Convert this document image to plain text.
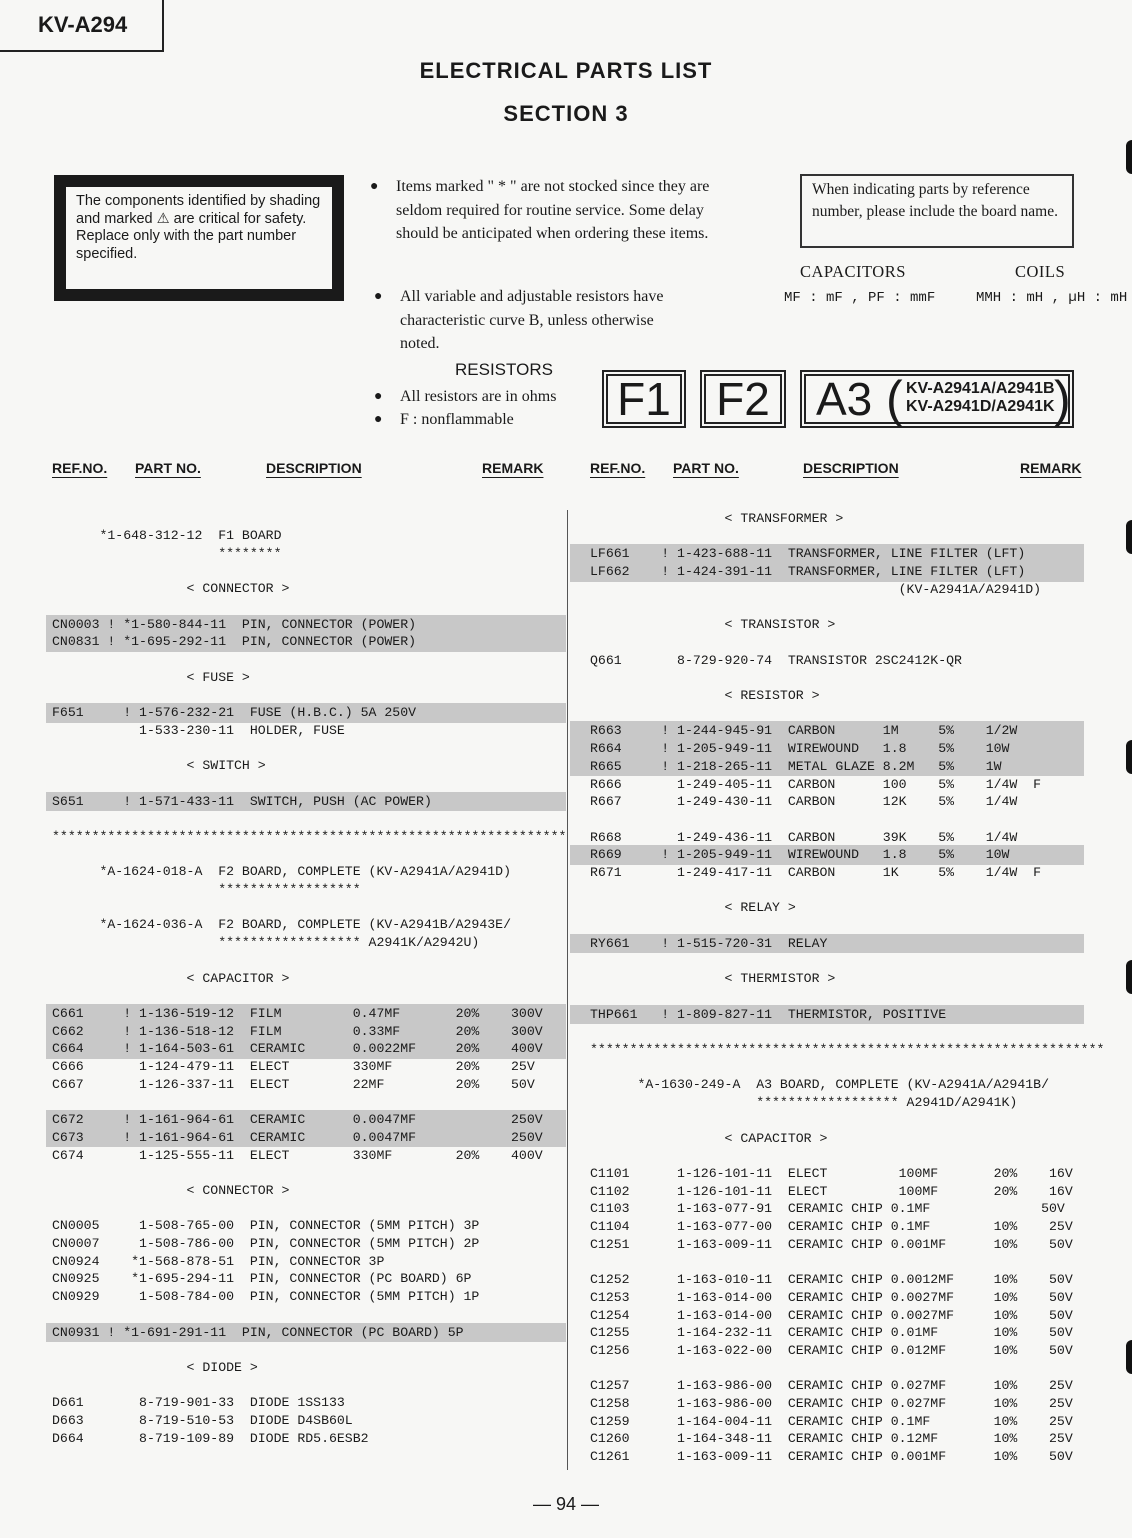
KV-A294
ELECTRICAL PARTS LIST
SECTION 3
The components identified by shading and marked ⚠ are critical for safety. Replace only with the part number specified.
● Items marked " * " are not stocked since they are seldom required for routine service. Some delay should be anticipated when ordering these items.
● All variable and adjustable resistors have characteristic curve B, unless otherwise noted.
RESISTORS
● All resistors are in ohms
● F : nonflammable
When indicating parts by reference number, please include the board name.
CAPACITORS
MF : mF , PF : mmF
COILS
MMH : mH , µH : mH
F1 F2	A3 ( KV-A2941A/A2941B
KV-A2941D/A2941K )
REF.NO. PART NO.	DESCRIPTION	REMARK	REF.NO. PART NO.	DESCRIPTION	REMARK
*1-648-312-12  F1 BOARD
********
< CONNECTOR >
CN0003 ! *1-580-844-11  PIN, CONNECTOR (POWER)
CN0831 ! *1-695-292-11  PIN, CONNECTOR (POWER)
< FUSE >
F651     ! 1-576-232-21  FUSE (H.B.C.) 5A 250V
1-533-230-11  HOLDER, FUSE
< SWITCH >
S651     ! 1-571-433-11  SWITCH, PUSH (AC POWER)
*****************************************************************
*A-1624-018-A  F2 BOARD, COMPLETE (KV-A2941A/A2941D)
******************
*A-1624-036-A  F2 BOARD, COMPLETE (KV-A2941B/A2943E/
****************** A2941K/A2942U)
< CAPACITOR >
C661     ! 1-136-519-12  FILM         0.47MF       20%    300V
C662     ! 1-136-518-12  FILM         0.33MF       20%    300V
C664     ! 1-164-503-61  CERAMIC      0.0022MF     20%    400V
C666       1-124-479-11  ELECT        330MF        20%    25V
C667       1-126-337-11  ELECT        22MF         20%    50V
C672     ! 1-161-964-61  CERAMIC      0.0047MF            250V
C673     ! 1-161-964-61  CERAMIC      0.0047MF            250V
C674       1-125-555-11  ELECT        330MF        20%    400V
< CONNECTOR >
CN0005     1-508-765-00  PIN, CONNECTOR (5MM PITCH) 3P
CN0007     1-508-786-00  PIN, CONNECTOR (5MM PITCH) 2P
CN0924    *1-568-878-51  PIN, CONNECTOR 3P
CN0925    *1-695-294-11  PIN, CONNECTOR (PC BOARD) 6P
CN0929     1-508-784-00  PIN, CONNECTOR (5MM PITCH) 1P
CN0931 ! *1-691-291-11  PIN, CONNECTOR (PC BOARD) 5P
< DIODE >
D661       8-719-901-33  DIODE 1SS133
D663       8-719-510-53  DIODE D4SB60L
D664       8-719-109-89  DIODE RD5.6ESB2
< TRANSFORMER >
LF661    ! 1-423-688-11  TRANSFORMER, LINE FILTER (LFT)
LF662    ! 1-424-391-11  TRANSFORMER, LINE FILTER (LFT)
(KV-A2941A/A2941D)
< TRANSISTOR >
Q661       8-729-920-74  TRANSISTOR 2SC2412K-QR
< RESISTOR >
R663     ! 1-244-945-91  CARBON      1M     5%    1/2W
R664     ! 1-205-949-11  WIREWOUND   1.8    5%    10W
R665     ! 1-218-265-11  METAL GLAZE 8.2M   5%    1W
R666       1-249-405-11  CARBON      100    5%    1/4W  F
R667       1-249-430-11  CARBON      12K    5%    1/4W
R668       1-249-436-11  CARBON      39K    5%    1/4W
R669     ! 1-205-949-11  WIREWOUND   1.8    5%    10W
R671       1-249-417-11  CARBON      1K     5%    1/4W  F
< RELAY >
RY661    ! 1-515-720-31  RELAY
< THERMISTOR >
THP661   ! 1-809-827-11  THERMISTOR, POSITIVE
*****************************************************************
*A-1630-249-A  A3 BOARD, COMPLETE (KV-A2941A/A2941B/
****************** A2941D/A2941K)
< CAPACITOR >
C1101      1-126-101-11  ELECT         100MF       20%    16V
C1102      1-126-101-11  ELECT         100MF       20%    16V
C1103      1-163-077-91  CERAMIC CHIP 0.1MF              50V
C1104      1-163-077-00  CERAMIC CHIP 0.1MF        10%    25V
C1251      1-163-009-11  CERAMIC CHIP 0.001MF      10%    50V
C1252      1-163-010-11  CERAMIC CHIP 0.0012MF     10%    50V
C1253      1-163-014-00  CERAMIC CHIP 0.0027MF     10%    50V
C1254      1-163-014-00  CERAMIC CHIP 0.0027MF     10%    50V
C1255      1-164-232-11  CERAMIC CHIP 0.01MF       10%    50V
C1256      1-163-022-00  CERAMIC CHIP 0.012MF      10%    50V
C1257      1-163-986-00  CERAMIC CHIP 0.027MF      10%    25V
C1258      1-163-986-00  CERAMIC CHIP 0.027MF      10%    25V
C1259      1-164-004-11  CERAMIC CHIP 0.1MF        10%    25V
C1260      1-164-348-11  CERAMIC CHIP 0.12MF       10%    25V
C1261      1-163-009-11  CERAMIC CHIP 0.001MF      10%    50V
— 94 —
